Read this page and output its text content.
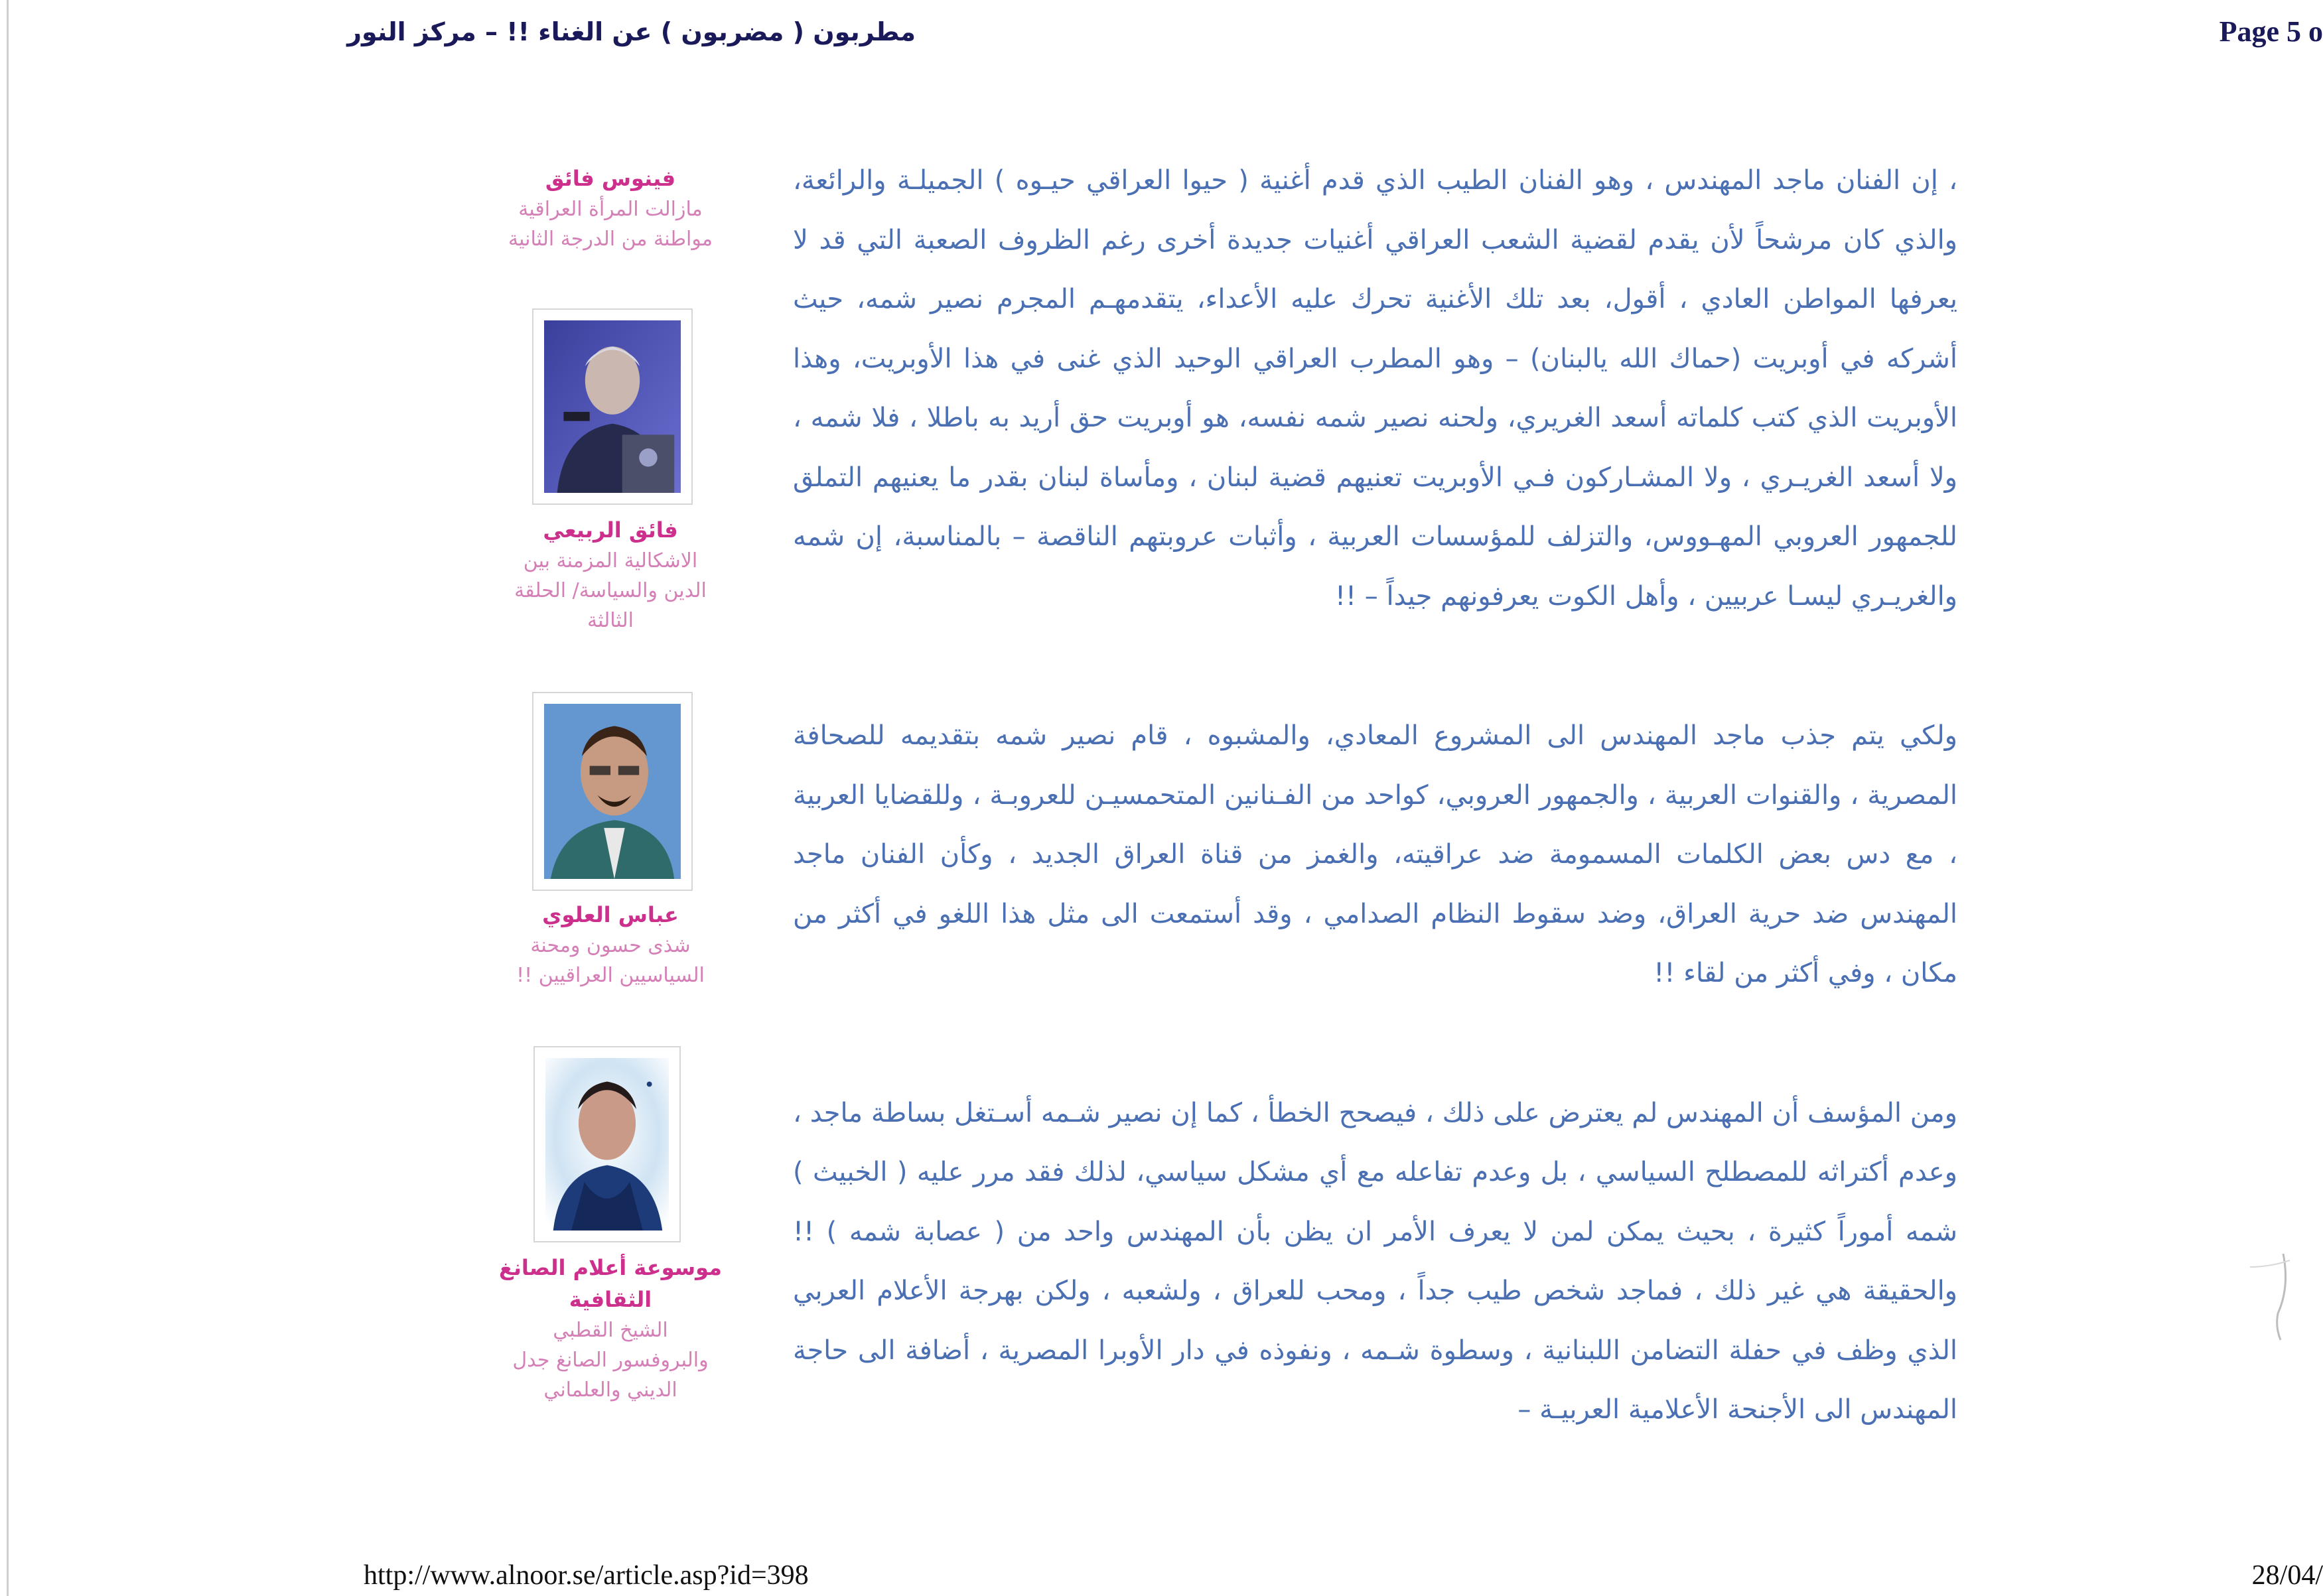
مطربون ( مضربون ) عن الغناء !! – مركز النور	Page 5 o
فينوس فائق
مازالت المرأة العراقية
مواطنة من الدرجة الثانية
فائق الربيعي
الاشكالية المزمنة بين
الدين والسياسة/ الحلقة
الثالثة
عباس العلوي
شذى حسون ومحنة
السياسيين العراقيين !!
موسوعة أعلام الصانغ
الثقافية
الشيخ القطبي
والبروفسور الصانغ جدل
الديني والعلماني

، إن الفنان ماجد المهندس ، وهو الفنان الطيب الذي قدم أغنية ( حيوا العراقي حيـوه ) الجميلـة والرائعة، والذي كان مرشحاً لأن يقدم لقضية الشعب العراقي أغنيات جديدة أخرى رغم الظروف الصعبة التي قد لا يعرفها المواطن العادي ، أقول، بعد تلك الأغنية تحرك عليه الأعداء، يتقدمهـم المجرم نصير شمه، حيث أشركه في أوبريت (حماك الله يالبنان) – وهو المطرب العراقي الوحيد الذي غنى في هذا الأوبريت، وهذا الأوبريت الذي كتب كلماته أسعد الغريري، ولحنه نصير شمه نفسه، هو أوبريت حق أريد به باطلا ، فلا شمه ، ولا أسعد الغريـري ، ولا المشـاركون فـي الأوبريت تعنيهم قضية لبنان ، ومأساة لبنان بقدر ما يعنيهم التملق للجمهور العروبي المهـووس، والتزلف للمؤسسات العربية ، وأثبات عروبتهم الناقصة – بالمناسبة، إن شمه والغريـري ليسـا عربيين ، وأهل الكوت يعرفونهم جيداً – !!

ولكي يتم جذب ماجد المهندس الى المشروع المعادي، والمشبوه ، قام نصير شمه بتقديمه للصحافة المصرية ، والقنوات العربية ، والجمهور العروبي، كواحد من الفـنانين المتحمسيـن للعروبـة ، وللقضايا العربية ، مع دس بعض الكلمات المسمومة ضد عراقيته، والغمز من قناة العراق الجديد ، وكأن الفنان ماجد المهندس ضد حرية العراق، وضد سقوط النظام الصدامي ، وقد أستمعت الى مثل هذا اللغو في أكثر من مكان ، وفي أكثر من لقاء !!

ومن المؤسف أن المهندس لم يعترض على ذلك ، فيصحح الخطأ ، كما إن نصير شـمه أسـتغل بساطة ماجد ، وعدم أكتراثه للمصطلح السياسي ، بل وعدم تفاعله مع أي مشكل سياسي، لذلك فقد مرر عليه ( الخبيث ) شمه أموراً كثيرة ، بحيث يمكن لمن لا يعرف الأمر ان يظن بأن المهندس واحد من ( عصابة شمه ) !! والحقيقة هي غير ذلك ، فماجد شخص طيب جداً ، ومحب للعراق ، ولشعبه ، ولكن بهرجة الأعلام العربي الذي وظف في حفلة التضامن اللبنانية ، وسطوة شـمه ، ونفوذه في دار الأوبرا المصرية ، أضافة الى حاجة المهندس الى الأجنحة الأعلامية العربيـة –

http://www.alnoor.se/article.asp?id=398	28/04/
